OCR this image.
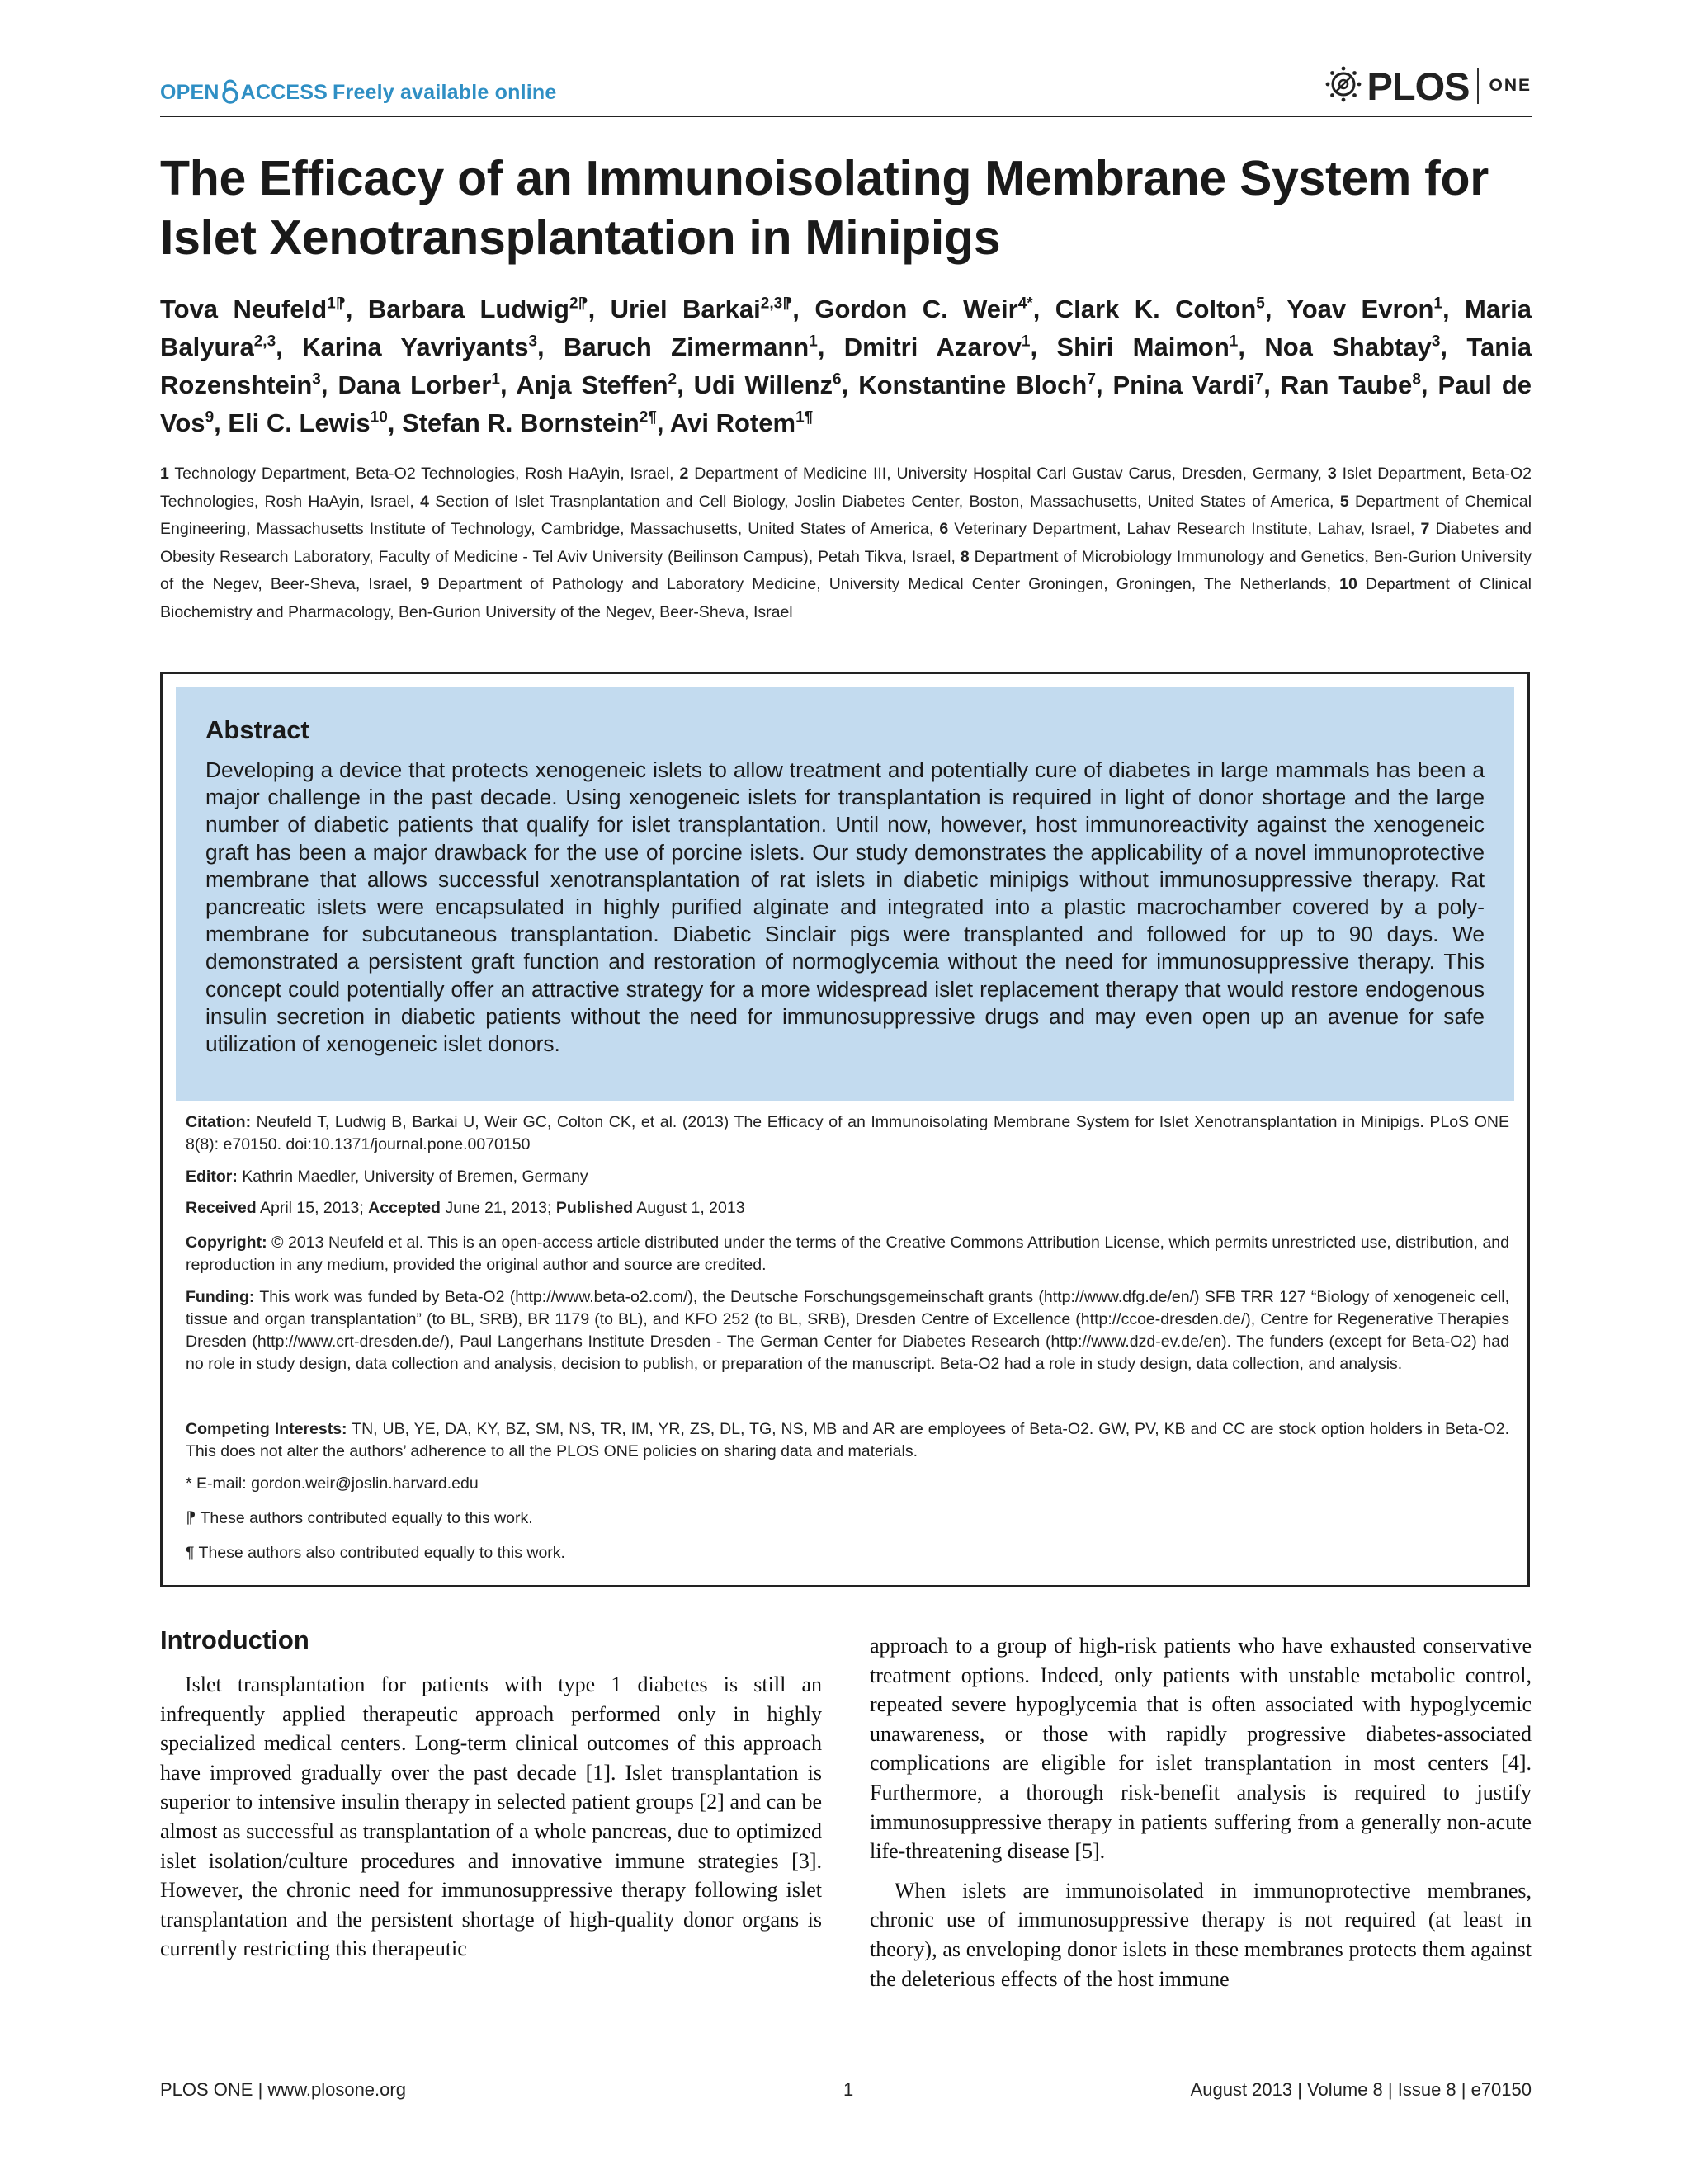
OPEN ACCESS Freely available online	PLOS ONE
The Efficacy of an Immunoisolating Membrane System for Islet Xenotransplantation in Minipigs

Tova Neufeld$^{1⁋}$, Barbara Ludwig$^{2⁋}$, Uriel Barkai$^{2,3⁋}$, Gordon C. Weir$^{4*}$, Clark K. Colton$^5$, Yoav Evron$^1$, Maria Balyura$^{2,3}$, Karina Yavriyants$^3$, Baruch Zimermann$^1$, Dmitri Azarov$^1$, Shiri Maimon$^1$, Noa Shabtay$^3$, Tania Rozenshtein$^3$, Dana Lorber$^1$, Anja Steffen$^2$, Udi Willenz$^6$, Konstantine Bloch$^7$, Pnina Vardi$^7$, Ran Taube$^8$, Paul de Vos$^9$, Eli C. Lewis$^{10}$, Stefan R. Bornstein$^{2\P}$, Avi Rotem$^{1\P}$

1 Technology Department, Beta-O2 Technologies, Rosh HaAyin, Israel, 2 Department of Medicine III, University Hospital Carl Gustav Carus, Dresden, Germany, 3 Islet Department, Beta-O2 Technologies, Rosh HaAyin, Israel, 4 Section of Islet Trasnplantation and Cell Biology, Joslin Diabetes Center, Boston, Massachusetts, United States of America, 5 Department of Chemical Engineering, Massachusetts Institute of Technology, Cambridge, Massachusetts, United States of America, 6 Veterinary Department, Lahav Research Institute, Lahav, Israel, 7 Diabetes and Obesity Research Laboratory, Faculty of Medicine - Tel Aviv University (Beilinson Campus), Petah Tikva, Israel, 8 Department of Microbiology Immunology and Genetics, Ben-Gurion University of the Negev, Beer-Sheva, Israel, 9 Department of Pathology and Laboratory Medicine, University Medical Center Groningen, Groningen, The Netherlands, 10 Department of Clinical Biochemistry and Pharmacology, Ben-Gurion University of the Negev, Beer-Sheva, Israel

Abstract

Developing a device that protects xenogeneic islets to allow treatment and potentially cure of diabetes in large mammals has been a major challenge in the past decade. Using xenogeneic islets for transplantation is required in light of donor shortage and the large number of diabetic patients that qualify for islet transplantation. Until now, however, host immunoreactivity against the xenogeneic graft has been a major drawback for the use of porcine islets. Our study demonstrates the applicability of a novel immunoprotective membrane that allows successful xenotransplantation of rat islets in diabetic minipigs without immunosuppressive therapy. Rat pancreatic islets were encapsulated in highly purified alginate and integrated into a plastic macrochamber covered by a poly-membrane for subcutaneous transplantation. Diabetic Sinclair pigs were transplanted and followed for up to 90 days. We demonstrated a persistent graft function and restoration of normoglycemia without the need for immunosuppressive therapy. This concept could potentially offer an attractive strategy for a more widespread islet replacement therapy that would restore endogenous insulin secretion in diabetic patients without the need for immunosuppressive drugs and may even open up an avenue for safe utilization of xenogeneic islet donors.

Citation: Neufeld T, Ludwig B, Barkai U, Weir GC, Colton CK, et al. (2013) The Efficacy of an Immunoisolating Membrane System for Islet Xenotransplantation in Minipigs. PLoS ONE 8(8): e70150. doi:10.1371/journal.pone.0070150

Editor: Kathrin Maedler, University of Bremen, Germany

Received April 15, 2013; Accepted June 21, 2013; Published August 1, 2013

Copyright: © 2013 Neufeld et al. This is an open-access article distributed under the terms of the Creative Commons Attribution License, which permits unrestricted use, distribution, and reproduction in any medium, provided the original author and source are credited.

Funding: This work was funded by Beta-O2 (http://www.beta-o2.com/), the Deutsche Forschungsgemeinschaft grants (http://www.dfg.de/en/) SFB TRR 127 “Biology of xenogeneic cell, tissue and organ transplantation” (to BL, SRB), BR 1179 (to BL), and KFO 252 (to BL, SRB), Dresden Centre of Excellence (http://ccoe-dresden.de/), Centre for Regenerative Therapies Dresden (http://www.crt-dresden.de/), Paul Langerhans Institute Dresden - The German Center for Diabetes Research (http://www.dzd-ev.de/en). The funders (except for Beta-O2) had no role in study design, data collection and analysis, decision to publish, or preparation of the manuscript. Beta-O2 had a role in study design, data collection, and analysis.

Competing Interests: TN, UB, YE, DA, KY, BZ, SM, NS, TR, IM, YR, ZS, DL, TG, NS, MB and AR are employees of Beta-O2. GW, PV, KB and CC are stock option holders in Beta-O2. This does not alter the authors’ adherence to all the PLOS ONE policies on sharing data and materials.

* E-mail: gordon.weir@joslin.harvard.edu

⁋ These authors contributed equally to this work.

¶ These authors also contributed equally to this work.

Introduction

Islet transplantation for patients with type 1 diabetes is still an infrequently applied therapeutic approach performed only in highly specialized medical centers. Long-term clinical outcomes of this approach have improved gradually over the past decade [1]. Islet transplantation is superior to intensive insulin therapy in selected patient groups [2] and can be almost as successful as transplantation of a whole pancreas, due to optimized islet isolation/culture procedures and innovative immune strategies [3]. However, the chronic need for immunosuppressive therapy following islet transplantation and the persistent shortage of high-quality donor organs is currently restricting this therapeutic

approach to a group of high-risk patients who have exhausted conservative treatment options. Indeed, only patients with unstable metabolic control, repeated severe hypoglycemia that is often associated with hypoglycemic unawareness, or those with rapidly progressive diabetes-associated complications are eligible for islet transplantation in most centers [4]. Furthermore, a thorough risk-benefit analysis is required to justify immunosuppressive therapy in patients suffering from a generally non-acute life-threatening disease [5].

When islets are immunoisolated in immunoprotective membranes, chronic use of immunosuppressive therapy is not required (at least in theory), as enveloping donor islets in these membranes protects them against the deleterious effects of the host immune

PLOS ONE | www.plosone.org	1	August 2013 | Volume 8 | Issue 8 | e70150
